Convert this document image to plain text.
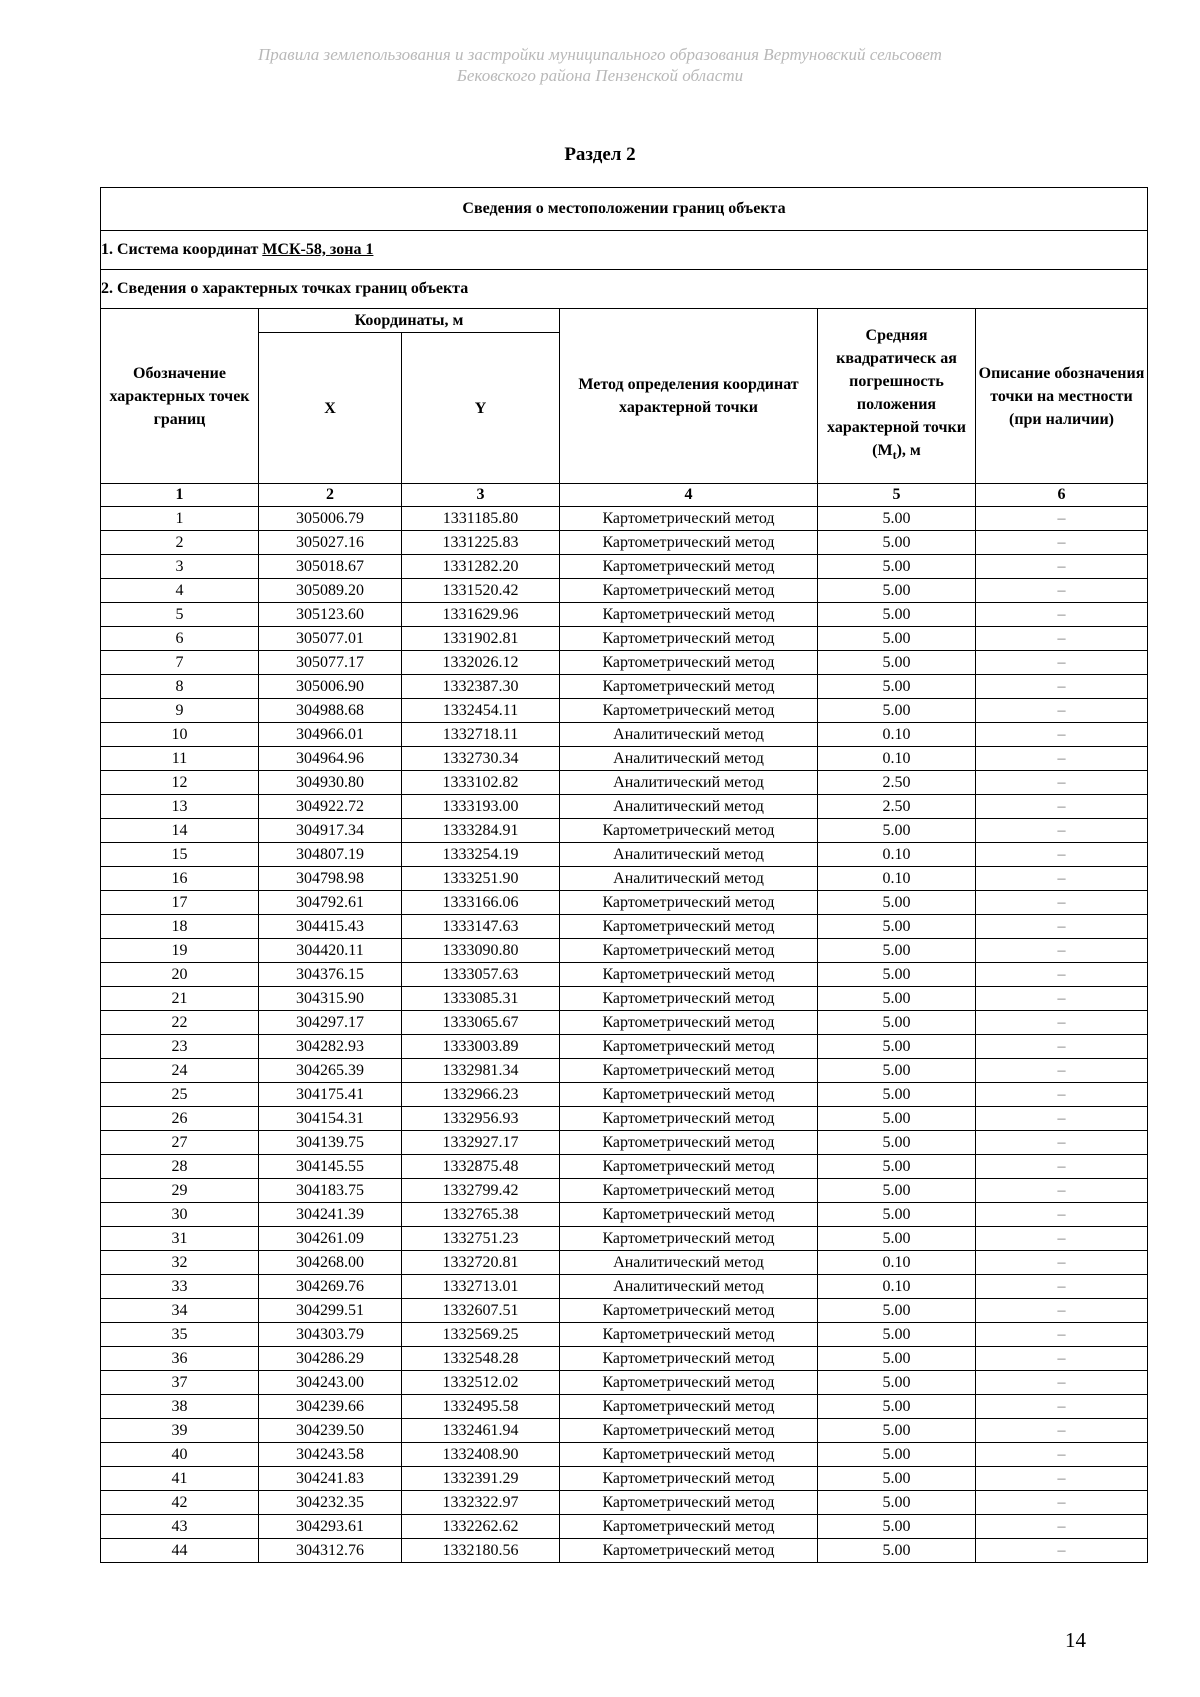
Правила землепользования и застройки муниципального образования Вертуновский сельсовет
Бековского района Пензенской области
Раздел 2
Сведения о местоположении границ объекта					
1. Система координат МСК-58, зона 1					
2. Сведения о характерных точках границ объекта					
Обозначение характерных точек границ	Координаты, м		Метод определения координат характерной точки	Средняя квадратическ ая погрешность положения характерной точки $(M_t)$, м	Описание обозначения точки на местности (при наличии)
	X	Y			
1	2	3	4	5	6
1	305006.79	1331185.80	Картометрический метод	5.00	–
2	305027.16	1331225.83	Картометрический метод	5.00	–
3	305018.67	1331282.20	Картометрический метод	5.00	–
4	305089.20	1331520.42	Картометрический метод	5.00	–
5	305123.60	1331629.96	Картометрический метод	5.00	–
6	305077.01	1331902.81	Картометрический метод	5.00	–
7	305077.17	1332026.12	Картометрический метод	5.00	–
8	305006.90	1332387.30	Картометрический метод	5.00	–
9	304988.68	1332454.11	Картометрический метод	5.00	–
10	304966.01	1332718.11	Аналитический метод	0.10	–
11	304964.96	1332730.34	Аналитический метод	0.10	–
12	304930.80	1333102.82	Аналитический метод	2.50	–
13	304922.72	1333193.00	Аналитический метод	2.50	–
14	304917.34	1333284.91	Картометрический метод	5.00	–
15	304807.19	1333254.19	Аналитический метод	0.10	–
16	304798.98	1333251.90	Аналитический метод	0.10	–
17	304792.61	1333166.06	Картометрический метод	5.00	–
18	304415.43	1333147.63	Картометрический метод	5.00	–
19	304420.11	1333090.80	Картометрический метод	5.00	–
20	304376.15	1333057.63	Картометрический метод	5.00	–
21	304315.90	1333085.31	Картометрический метод	5.00	–
22	304297.17	1333065.67	Картометрический метод	5.00	–
23	304282.93	1333003.89	Картометрический метод	5.00	–
24	304265.39	1332981.34	Картометрический метод	5.00	–
25	304175.41	1332966.23	Картометрический метод	5.00	–
26	304154.31	1332956.93	Картометрический метод	5.00	–
27	304139.75	1332927.17	Картометрический метод	5.00	–
28	304145.55	1332875.48	Картометрический метод	5.00	–
29	304183.75	1332799.42	Картометрический метод	5.00	–
30	304241.39	1332765.38	Картометрический метод	5.00	–
31	304261.09	1332751.23	Картометрический метод	5.00	–
32	304268.00	1332720.81	Аналитический метод	0.10	–
33	304269.76	1332713.01	Аналитический метод	0.10	–
34	304299.51	1332607.51	Картометрический метод	5.00	–
35	304303.79	1332569.25	Картометрический метод	5.00	–
36	304286.29	1332548.28	Картометрический метод	5.00	–
37	304243.00	1332512.02	Картометрический метод	5.00	–
38	304239.66	1332495.58	Картометрический метод	5.00	–
39	304239.50	1332461.94	Картометрический метод	5.00	–
40	304243.58	1332408.90	Картометрический метод	5.00	–
41	304241.83	1332391.29	Картометрический метод	5.00	–
42	304232.35	1332322.97	Картометрический метод	5.00	–
43	304293.61	1332262.62	Картометрический метод	5.00	–
44	304312.76	1332180.56	Картометрический метод	5.00	–
14
